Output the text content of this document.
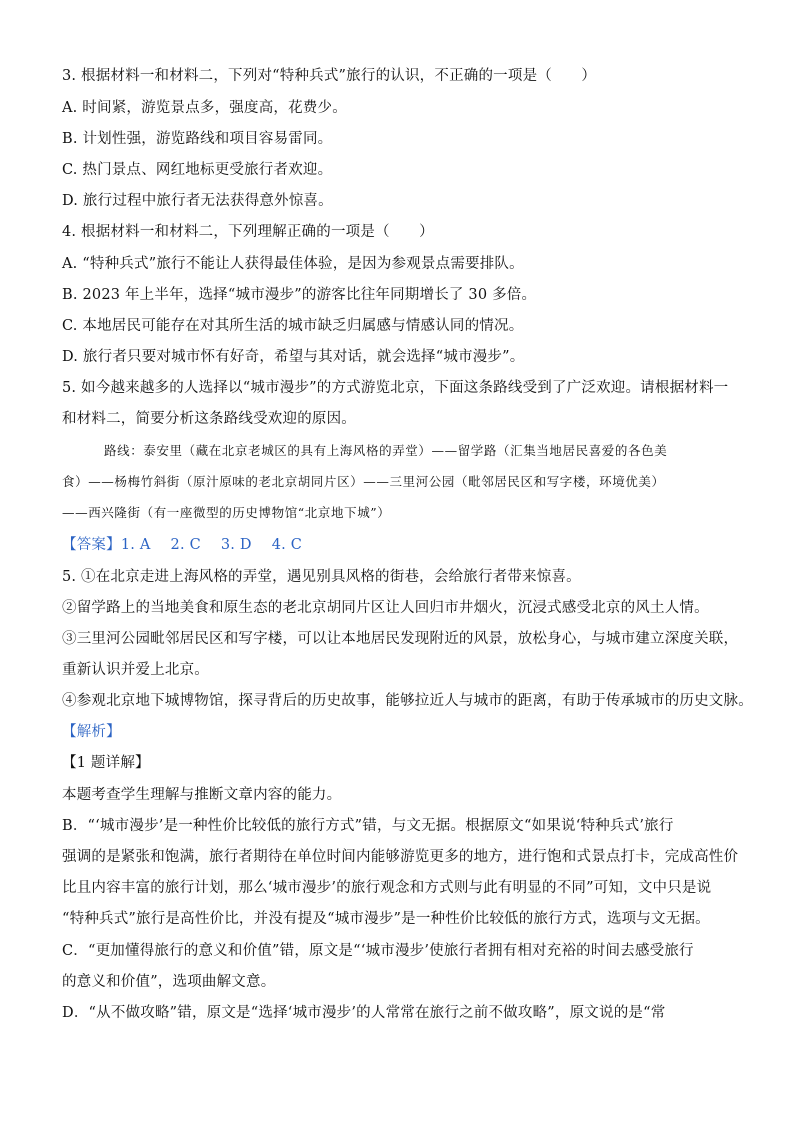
3. 根据材料一和材料二，下列对“特种兵式”旅行的认识，不正确的一项是（　　）
A. 时间紧，游览景点多，强度高，花费少。
B. 计划性强，游览路线和项目容易雷同。
C. 热门景点、网红地标更受旅行者欢迎。
D. 旅行过程中旅行者无法获得意外惊喜。
4. 根据材料一和材料二，下列理解正确的一项是（　　）
A. “特种兵式”旅行不能让人获得最佳体验，是因为参观景点需要排队。
B. 2023 年上半年，选择“城市漫步”的游客比往年同期增长了 30 多倍。
C. 本地居民可能存在对其所生活的城市缺乏归属感与情感认同的情况。
D. 旅行者只要对城市怀有好奇，希望与其对话，就会选择“城市漫步”。
5. 如今越来越多的人选择以“城市漫步”的方式游览北京，下面这条路线受到了广泛欢迎。请根据材料一
和材料二，简要分析这条路线受欢迎的原因。
路线：泰安里（藏在北京老城区的具有上海风格的弄堂）——留学路（汇集当地居民喜爱的各色美
食）——杨梅竹斜街（原汁原味的老北京胡同片区）——三里河公园（毗邻居民区和写字楼，环境优美）
——西兴隆街（有一座微型的历史博物馆“北京地下城”）
【答案】1. A 2. C 3. D 4. C
5. ①在北京走进上海风格的弄堂，遇见别具风格的街巷，会给旅行者带来惊喜。
②留学路上的当地美食和原生态的老北京胡同片区让人回归市井烟火，沉浸式感受北京的风土人情。
③三里河公园毗邻居民区和写字楼，可以让本地居民发现附近的风景，放松身心，与城市建立深度关联，
重新认识并爱上北京。
④参观北京地下城博物馆，探寻背后的历史故事，能够拉近人与城市的距离，有助于传承城市的历史文脉。
【解析】
【1 题详解】
本题考查学生理解与推断文章内容的能力。
B．“‘城市漫步’是一种性价比较低的旅行方式”错，与文无据。根据原文“如果说‘特种兵式’旅行
强调的是紧张和饱满，旅行者期待在单位时间内能够游览更多的地方，进行饱和式景点打卡，完成高性价
比且内容丰富的旅行计划，那么‘城市漫步’的旅行观念和方式则与此有明显的不同”可知，文中只是说
“特种兵式”旅行是高性价比，并没有提及“城市漫步”是一种性价比较低的旅行方式，选项与文无据。
C．“更加懂得旅行的意义和价值”错，原文是“‘城市漫步’使旅行者拥有相对充裕的时间去感受旅行
的意义和价值”，选项曲解文意。
D．“从不做攻略”错，原文是“选择‘城市漫步’的人常常在旅行之前不做攻略”，原文说的是“常
